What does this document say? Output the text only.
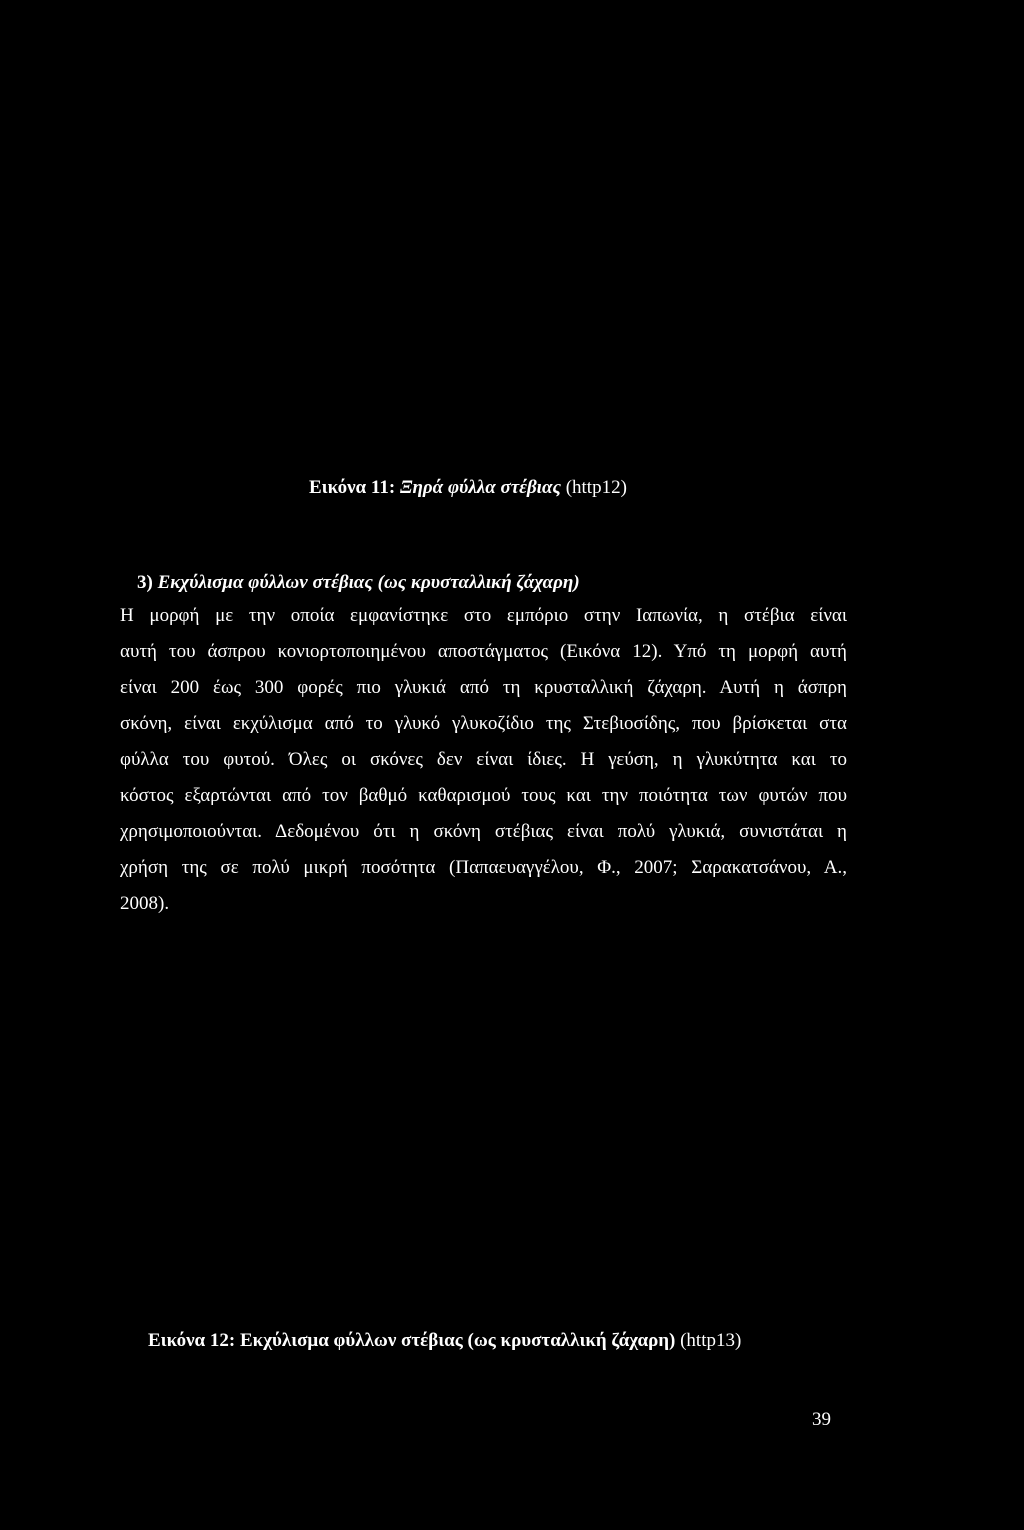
Εικόνα 11: Ξηρά φύλλα στέβιας (http12)
3) Εκχύλισμα φύλλων στέβιας (ως κρυσταλλική ζάχαρη)
Η μορφή με την οποία εμφανίστηκε στο εμπόριο στην Ιαπωνία, η στέβια είναι
αυτή του άσπρου κονιορτοποιημένου αποστάγματος (Εικόνα 12). Υπό τη μορφή αυτή
είναι 200 έως 300 φορές πιο γλυκιά από τη κρυσταλλική ζάχαρη. Αυτή η άσπρη
σκόνη, είναι εκχύλισμα από το γλυκό γλυκοζίδιο της Στεβιοσίδης, που βρίσκεται στα
φύλλα του φυτού. Όλες οι σκόνες δεν είναι ίδιες. Η γεύση, η γλυκύτητα και το
κόστος εξαρτώνται από τον βαθμό καθαρισμού τους και την ποιότητα των φυτών που
χρησιμοποιούνται. Δεδομένου ότι η σκόνη στέβιας είναι πολύ γλυκιά, συνιστάται η
χρήση της σε πολύ μικρή ποσότητα (Παπαευαγγέλου, Φ., 2007; Σαρακατσάνου, Α.,
2008).
Εικόνα 12: Εκχύλισμα φύλλων στέβιας (ως κρυσταλλική ζάχαρη) (http13)
39
